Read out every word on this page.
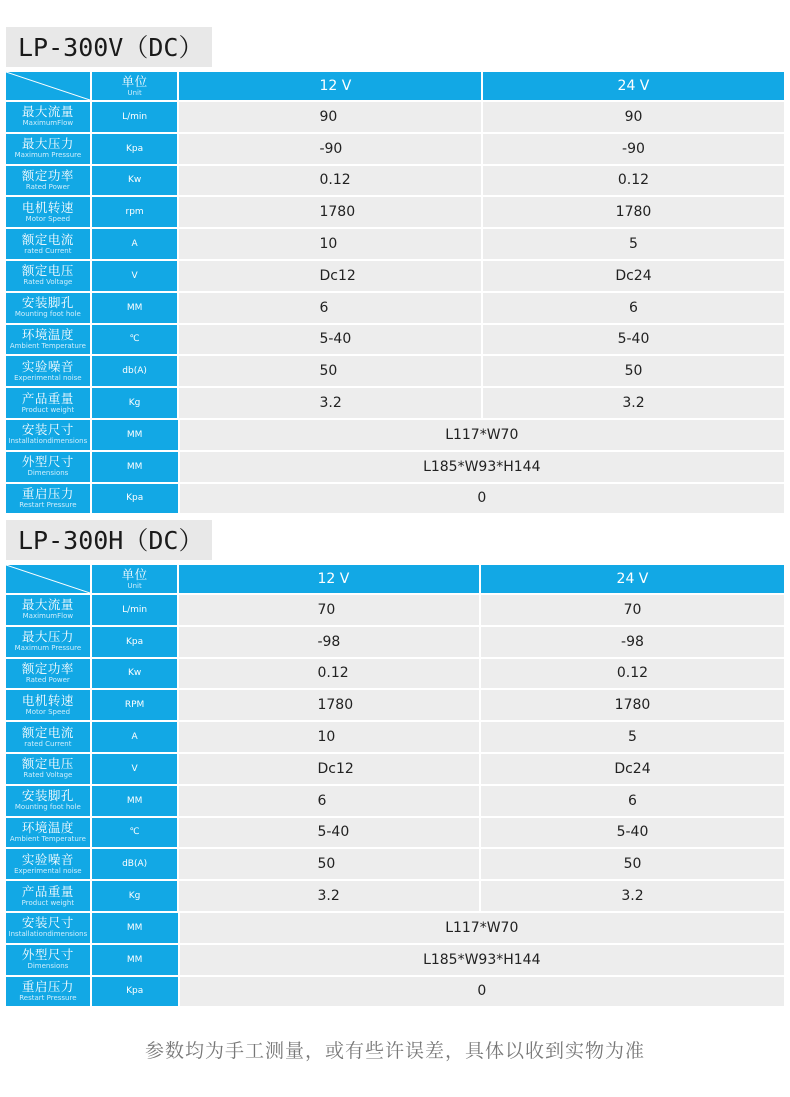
LP-300V（DC）
单位
Unit	12 V	24 V
最大流量
MaximumFlow
L/min	90	90
最大压力
Maximum Pressure
Kpa	-90	-90
额定功率
Rated Power
Kw	0.12	0.12
电机转速
Motor Speed
rpm	1780	1780
额定电流
rated Current
A	10	5
额定电压
Rated Voltage
V	Dc12	Dc24
安装脚孔
Mounting foot hole
MM	6	6
环境温度
Ambient Temperature
℃	5-40	5-40
实验噪音
Experimental noise
db(A)	50	50
产品重量
Product weight
Kg	3.2	3.2
安装尺寸
Installationdimensions
MM	L117*W70
外型尺寸
Dimensions
MM	L185*W93*H144
重启压力
Restart Pressure
Kpa	0
LP-300H（DC）
单位
Unit	12 V	24 V
最大流量
MaximumFlow
L/min	70	70
最大压力
Maximum Pressure
Kpa	-98	-98
额定功率
Rated Power
Kw	0.12	0.12
电机转速
Motor Speed
RPM	1780	1780
额定电流
rated Current
A	10	5
额定电压
Rated Voltage
V	Dc12	Dc24
安装脚孔
Mounting foot hole
MM	6	6
环境温度
Ambient Temperature
℃	5-40	5-40
实验噪音
Experimental noise
dB(A)	50	50
产品重量
Product weight
Kg	3.2	3.2
安装尺寸
Installationdimensions
MM	L117*W70
外型尺寸
Dimensions
MM	L185*W93*H144
重启压力
Restart Pressure
Kpa	0
参数均为手工测量，或有些许误差，具体以收到实物为准
